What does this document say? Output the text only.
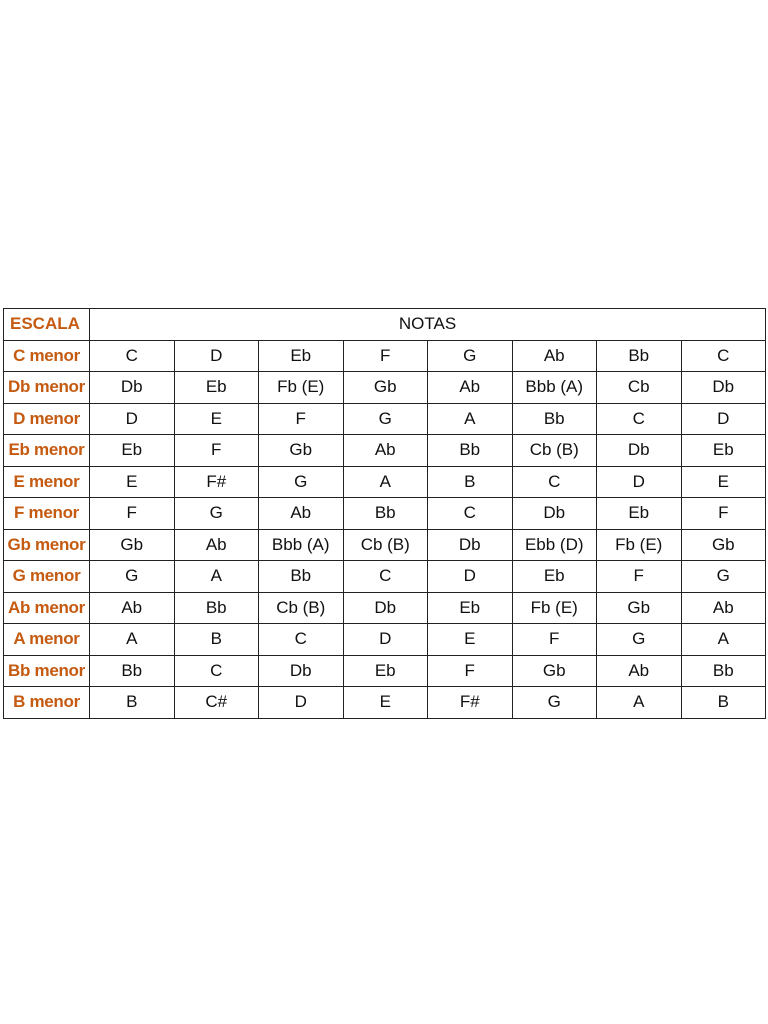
ESCALA	NOTAS							
C menor	C	D	Eb	F	G	Ab	Bb	C
Db menor	Db	Eb	Fb (E)	Gb	Ab	Bbb (A)	Cb	Db
D menor	D	E	F	G	A	Bb	C	D
Eb menor	Eb	F	Gb	Ab	Bb	Cb (B)	Db	Eb
E menor	E	F#	G	A	B	C	D	E
F menor	F	G	Ab	Bb	C	Db	Eb	F
Gb menor	Gb	Ab	Bbb (A)	Cb (B)	Db	Ebb (D)	Fb (E)	Gb
G menor	G	A	Bb	C	D	Eb	F	G
Ab menor	Ab	Bb	Cb (B)	Db	Eb	Fb (E)	Gb	Ab
A menor	A	B	C	D	E	F	G	A
Bb menor	Bb	C	Db	Eb	F	Gb	Ab	Bb
B menor	B	C#	D	E	F#	G	A	B
